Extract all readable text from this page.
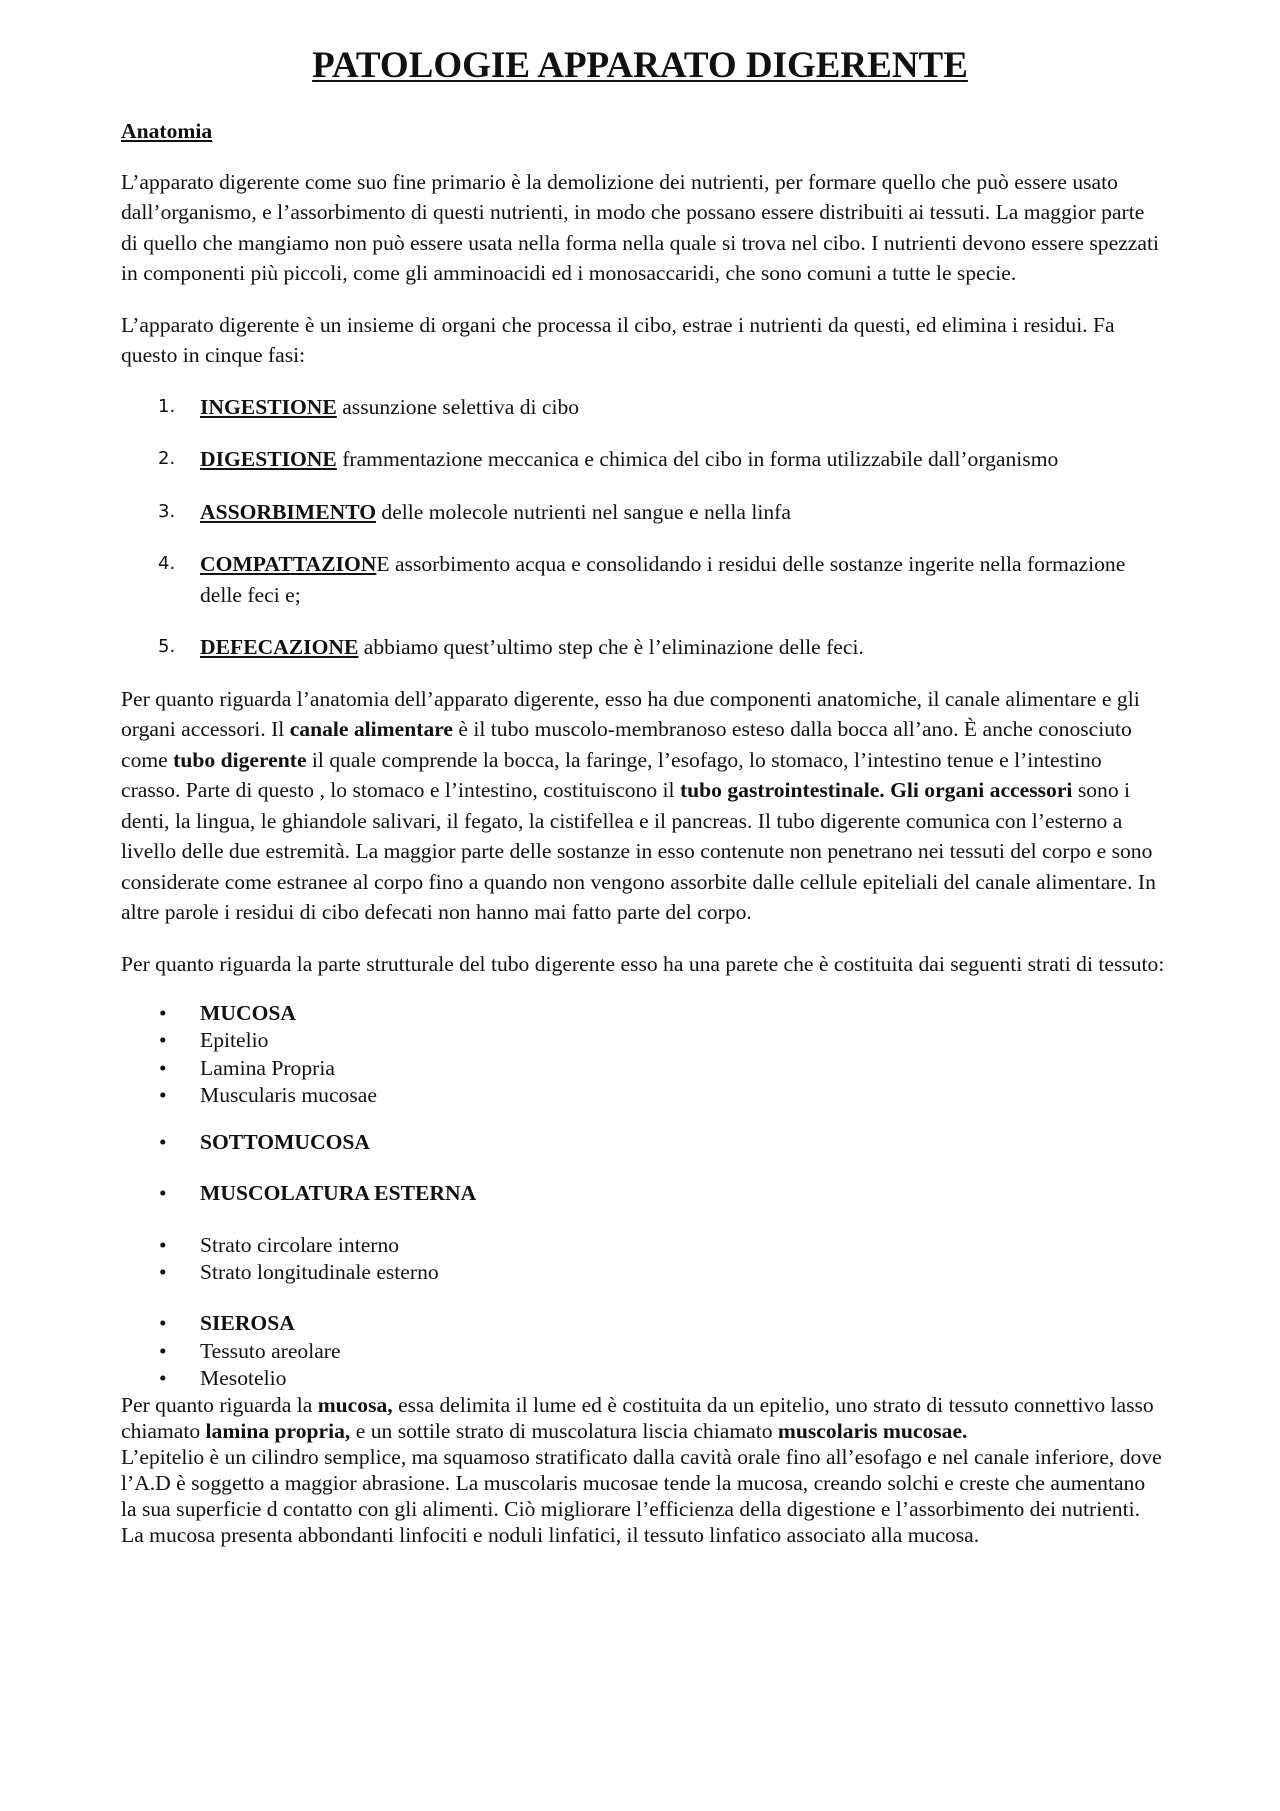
PATOLOGIE APPARATO DIGERENTE

Anatomia

L’apparato digerente come suo fine primario è la demolizione dei nutrienti, per formare quello che può essere usato dall’organismo, e l’assorbimento di questi nutrienti, in modo che possano essere distribuiti ai tessuti. La maggior parte di quello che mangiamo non può essere usata nella forma nella quale si trova nel cibo. I nutrienti devono essere spezzati in componenti più piccoli, come gli amminoacidi ed i monosaccaridi, che sono comuni a tutte le specie.

L’apparato digerente è un insieme di organi che processa il cibo, estrae i nutrienti da questi, ed elimina i residui. Fa questo in cinque fasi:

1. INGESTIONE assunzione selettiva di cibo
2. DIGESTIONE frammentazione meccanica e chimica del cibo in forma utilizzabile dall’organismo
3. ASSORBIMENTO delle molecole nutrienti nel sangue e nella linfa
4. COMPATTAZIONE assorbimento acqua e consolidando i residui delle sostanze ingerite nella formazione delle feci e;
5. DEFECAZIONE abbiamo quest’ultimo step che è l’eliminazione delle feci.

Per quanto riguarda l’anatomia dell’apparato digerente, esso ha due componenti anatomiche, il canale alimentare e gli organi accessori. Il canale alimentare è il tubo muscolo-membranoso esteso dalla bocca all’ano. È anche conosciuto come tubo digerente il quale comprende la bocca, la faringe, l’esofago, lo stomaco, l’intestino tenue e l’intestino crasso. Parte di questo , lo stomaco e l’intestino, costituiscono il tubo gastrointestinale. Gli organi accessori sono i denti, la lingua, le ghiandole salivari, il fegato, la cistifellea e il pancreas. Il tubo digerente comunica con l’esterno a livello delle due estremità. La maggior parte delle sostanze in esso contenute non penetrano nei tessuti del corpo e sono considerate come estranee al corpo fino a quando non vengono assorbite dalle cellule epiteliali del canale alimentare. In altre parole i residui di cibo defecati non hanno mai fatto parte del corpo.

Per quanto riguarda la parte strutturale del tubo digerente esso ha una parete che è costituita dai seguenti strati di tessuto:

• MUCOSA
• Epitelio
• Lamina Propria
• Muscularis mucosae
• SOTTOMUCOSA
• MUSCOLATURA ESTERNA
• Strato circolare interno
• Strato longitudinale esterno
• SIEROSA
• Tessuto areolare
• Mesotelio

Per quanto riguarda la mucosa, essa delimita il lume ed è costituita da un epitelio, uno strato di tessuto connettivo lasso chiamato lamina propria, e un sottile strato di muscolatura liscia chiamato muscolaris mucosae.

L’epitelio è un cilindro semplice, ma squamoso stratificato dalla cavità orale fino all’esofago e nel canale inferiore, dove l’A.D è soggetto a maggior abrasione. La muscolaris mucosae tende la mucosa, creando solchi e creste che aumentano la sua superficie d contatto con gli alimenti. Ciò migliorare l’efficienza della digestione e l’assorbimento dei nutrienti. La mucosa presenta abbondanti linfociti e noduli linfatici, il tessuto linfatico associato alla mucosa.
